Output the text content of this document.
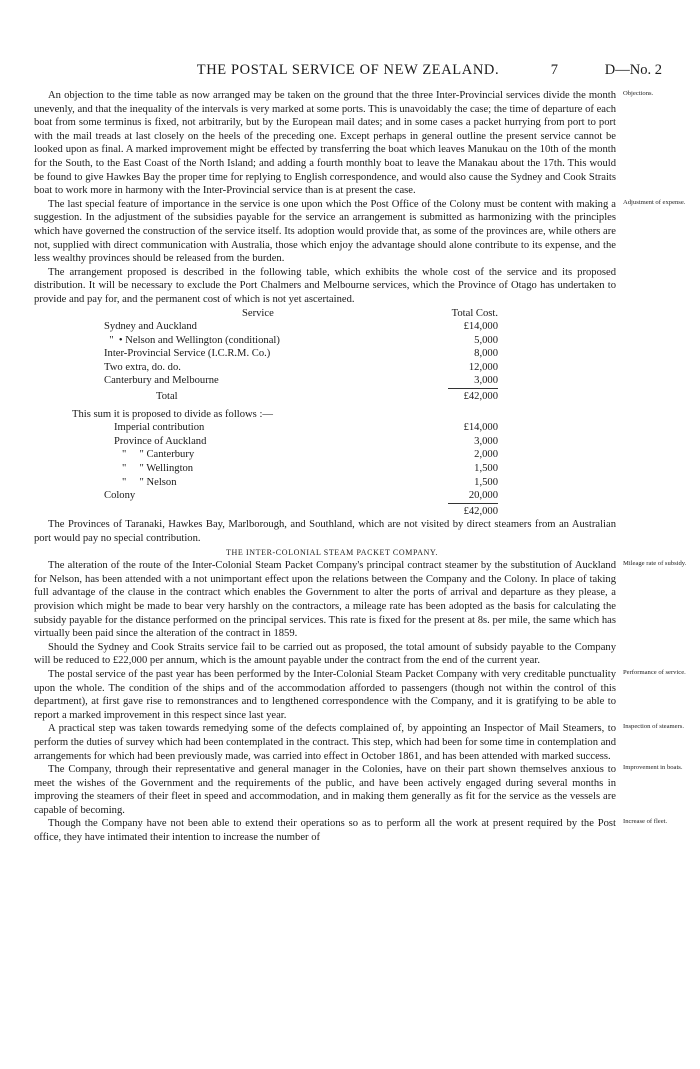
THE POSTAL SERVICE OF NEW ZEALAND.	7	D—No. 2

An objection to the time table as now arranged may be taken on the ground that the three Inter-Provincial services divide the month unevenly, and that the inequality of the intervals is very marked at some ports. This is unavoidably the case; the time of departure of each boat from some terminus is fixed, not arbitrarily, but by the European mail dates; and in some cases a packet hurrying from port to port with the mail treads at last closely on the heels of the preceding one. Except perhaps in general outline the present service cannot be looked upon as final. A marked improvement might be effected by transferring the boat which leaves Manukau on the 10th of the month for the South, to the East Coast of the North Island; and adding a fourth monthly boat to leave the Manakau about the 17th. This would be found to give Hawkes Bay the proper time for replying to English correspondence, and would also cause the Sydney and Cook Straits boat to work more in harmony with the Inter-Provincial service than is at present the case.
Objections.

The last special feature of importance in the service is one upon which the Post Office of the Colony must be content with making a suggestion. In the adjustment of the subsidies payable for the service an arrangement is submitted as harmonizing with the principles which have governed the construction of the service itself. Its adoption would provide that, as some of the provinces are, while others are not, supplied with direct communication with Australia, those which enjoy the advantage should alone contribute to its expense, and the less wealthy provinces should be released from the burden.
Adjustment of expense.

The arrangement proposed is described in the following table, which exhibits the whole cost of the service and its proposed distribution. It will be necessary to exclude the Port Chalmers and Melbourne services, which the Province of Otago has undertaken to provide and pay for, and the permanent cost of which is not yet ascertained.

Service	Total Cost.
Sydney and Auckland	£14,000
"  • Nelson and Wellington (conditional)	5,000
Inter-Provincial Service (I.C.R.M. Co.)	8,000
Two extra, do. do.	12,000
Canterbury and Melbourne	3,000
Total	£42,000

This sum it is proposed to divide as follows :—

Imperial contribution	£14,000
Province of Auckland	3,000
"     " Canterbury	2,000
"     " Wellington	1,500
"     " Nelson	1,500
Colony	20,000
£42,000

The Provinces of Taranaki, Hawkes Bay, Marlborough, and Southland, which are not visited by direct steamers from an Australian port would pay no special contribution.

THE INTER-COLONIAL STEAM PACKET COMPANY.

The alteration of the route of the Inter-Colonial Steam Packet Company's principal contract steamer by the substitution of Auckland for Nelson, has been attended with a not unimportant effect upon the relations between the Company and the Colony. In place of taking full advantage of the clause in the contract which enables the Government to alter the ports of arrival and departure as they please, a provision which might be made to bear very harshly on the contractors, a mileage rate has been adopted as the basis for calculating the subsidy payable for the distance performed on the principal services. This rate is fixed for the present at 8s. per mile, the same which has virtually been paid since the alteration of the contract in 1859.
Mileage rate of subsidy.

Should the Sydney and Cook Straits service fail to be carried out as proposed, the total amount of subsidy payable to the Company will be reduced to £22,000 per annum, which is the amount payable under the contract from the end of the current year.

The postal service of the past year has been performed by the Inter-Colonial Steam Packet Company with very creditable punctuality upon the whole. The condition of the ships and of the accommodation afforded to passengers (though not within the control of this department), at first gave rise to remonstrances and to lengthened correspondence with the Company, and it is gratifying to be able to report a marked improvement in this respect since last year.
Performance of service.

A practical step was taken towards remedying some of the defects complained of, by appointing an Inspector of Mail Steamers, to perform the duties of survey which had been contemplated in the contract. This step, which had been for some time in contemplation and arrangements for which had been previously made, was carried into effect in October 1861, and has been attended with marked success.
Inspection of steamers.

The Company, through their representative and general manager in the Colonies, have on their part shown themselves anxious to meet the wishes of the Government and the requirements of the public, and have been actively engaged during several months in improving the steamers of their fleet in speed and accommodation, and in making them generally as fit for the service as the vessels are capable of becoming.
Improvement in boats.

Though the Company have not been able to extend their operations so as to perform all the work at present required by the Post office, they have intimated their intention to increase the number of
Increase of fleet.
